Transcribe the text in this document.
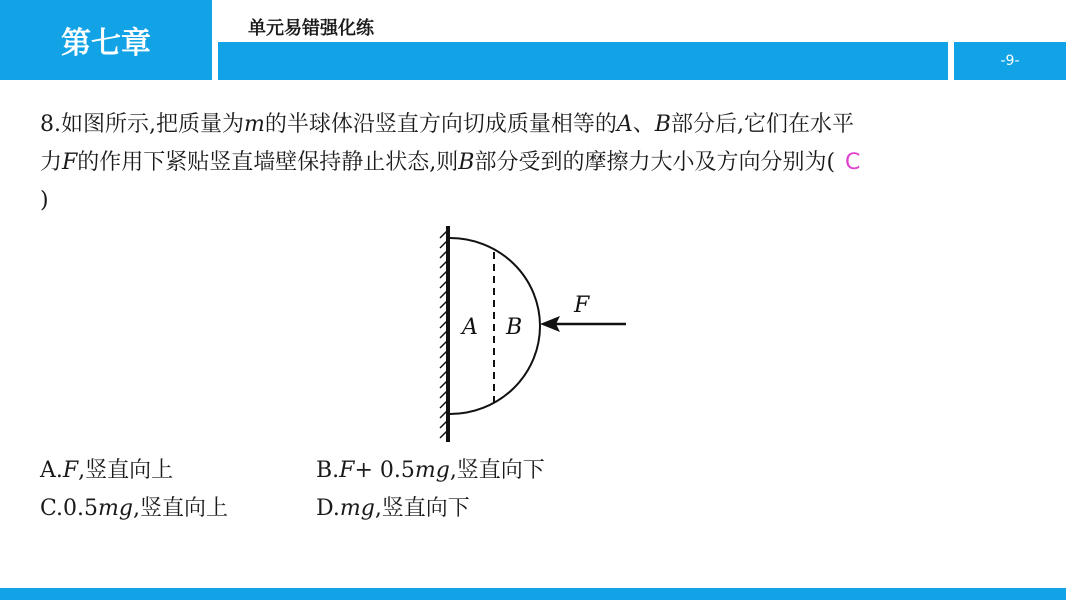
第七章	单元易错强化练
-9-
8.如图所示,把质量为m的半球体沿竖直方向切成质量相等的A、B部分后,它们在水平
力F的作用下紧贴竖直墙壁保持静止状态,则B部分受到的摩擦力大小及方向分别为( C
)
A B
F
A.F,竖直向上	B.F+ 0.5mg,竖直向下
C.0.5mg,竖直向上	D.mg,竖直向下
